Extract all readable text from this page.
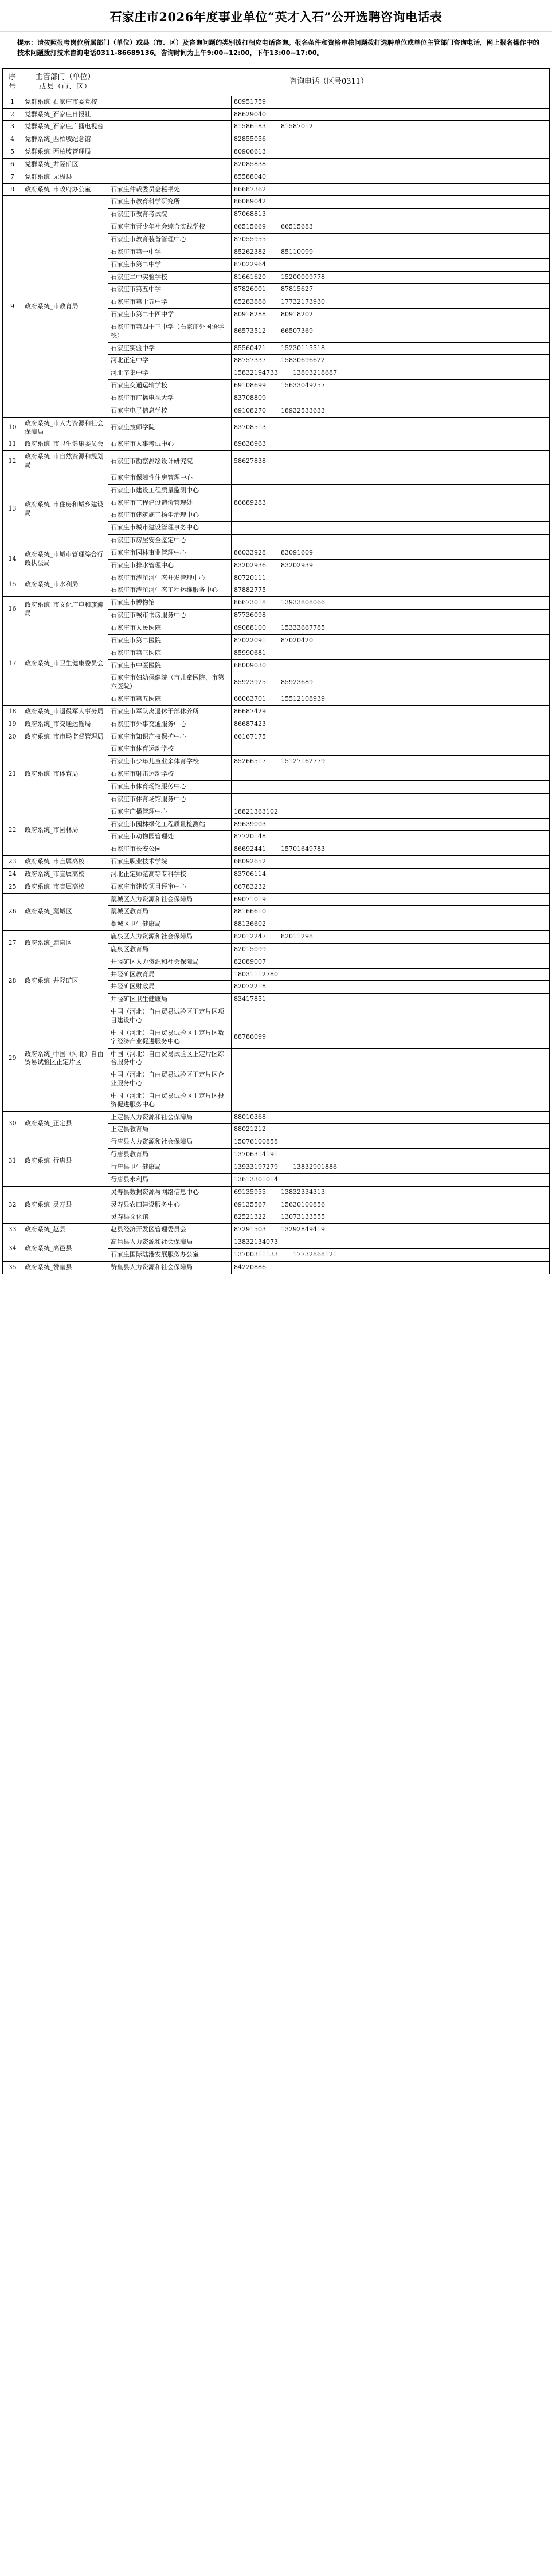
石家庄市2026年度事业单位“英才入石”公开选聘咨询电话表

提示：请按照报考岗位所属部门（单位）或县（市、区）及咨询问题的类别拨打相应电话咨询。报名条件和资格审核问题拨打选聘单位或单位主管部门咨询电话，网上报名操作中的技术问题拨打技术咨询电话0311-86689136。咨询时间为上午9:00--12:00，下午13:00--17:00。

序号	主管部门（单位）
或县（市、区）	咨询电话（区号0311）	
1	党群系统_石家庄市委党校		80951759
2	党群系统_石家庄日报社		88629040
3	党群系统_石家庄广播电视台		81586183 81587012
4	党群系统_西柏坡纪念馆		82855056
5	党群系统_西柏坡管理局		80906613
6	党群系统_井陉矿区		82085838
7	党群系统_无极县		85588040
8	政府系统_市政府办公室	石家庄仲裁委员会秘书处	86687362
9	政府系统_市教育局	石家庄市教育科学研究所	86089042
		石家庄市教育考试院	87068813
		石家庄市青少年社会综合实践学校	66515669 66515683
		石家庄市教育装备管理中心	87055955
		石家庄市第一中学	85262382 85110099
		石家庄市第二中学	87022964
		石家庄二中实验学校	81661620 15200009778
		石家庄市第五中学	87826001 87815627
		石家庄市第十五中学	85283886 17732173930
		石家庄市第二十四中学	80918288 80918202
		石家庄市第四十三中学（石家庄外国语学校）	86573512 66507369
		石家庄实验中学	85560421 15230115518
		河北正定中学	88757337 15830696622
		河北辛集中学	15832194733 13803218687
		石家庄交通运输学校	69108699 15633049257
		石家庄市广播电视大学	83708809
		石家庄电子信息学校	69108270 18932533633
10	政府系统_市人力资源和社会保障局	石家庄技师学院	83708513
11	政府系统_市卫生健康委员会	石家庄市人事考试中心	89636963
12	政府系统_市自然资源和规划局	石家庄市勘察测绘设计研究院	58627838
13	政府系统_市住房和城乡建设局	石家庄市保障性住房管理中心	
		石家庄市建设工程质量监测中心	
		石家庄市工程建设造价管理处	86689283
		石家庄市建筑施工扬尘治理中心	
		石家庄市城市建设管理事务中心	
		石家庄市房屋安全鉴定中心	
14	政府系统_市城市管理综合行政执法局	石家庄市园林事业管理中心	86033928 83091609
		石家庄市排水管理中心	83202936 83202939
15	政府系统_市水利局	石家庄市滹沱河生态开发管理中心	80720111
		石家庄市滹沱河生态工程运维服务中心	87882775
16	政府系统_市文化广电和旅游局	石家庄市博物馆	86673018 13933808066
		石家庄市城市书房服务中心	87736098
17	政府系统_市卫生健康委员会	石家庄市人民医院	69088100 15333667785
		石家庄市第二医院	87022091 87020420
		石家庄市第三医院	85990681
		石家庄市中医医院	68009030
		石家庄市妇幼保健院（市儿童医院、市第六医院）	85923925 85923689
		石家庄市第五医院	66063701 15512108939
18	政府系统_市退役军人事务局	石家庄市军队离退休干部休养所	86687429
19	政府系统_市交通运输局	石家庄市外事交通服务中心	86687423
20	政府系统_市市场监督管理局	石家庄市知识产权保护中心	66167175
21	政府系统_市体育局	石家庄市体育运动学校	
		石家庄市少年儿童业余体育学校	85266517 15127162779
		石家庄市射击运动学校	
		石家庄市体育场馆服务中心	
		石家庄市体育场馆服务中心	
22	政府系统_市园林局	石家庄广播管理中心	18821363102
		石家庄市园林绿化工程质量检测站	89639003
		石家庄市动物园管理处	87720148
		石家庄市长安公园	86692441 15701649783
23	政府系统_市直属高校	石家庄职业技术学院	68092652
24	政府系统_市直属高校	河北正定师范高等专科学校	83706114
25	政府系统_市直属高校	石家庄市建设项目评审中心	66783232
26	政府系统_藁城区	藁城区人力资源和社会保障局	69071019
		藁城区教育局	88166610
		藁城区卫生健康局	88136602
27	政府系统_鹿泉区	鹿泉区人力资源和社会保障局	82012247 82011298
		鹿泉区教育局	82015099
28	政府系统_井陉矿区	井陉矿区人力资源和社会保障局	82089007
		井陉矿区教育局	18031112780
		井陉矿区财政局	82072218
		井陉矿区卫生健康局	83417851
29	政府系统_中国（河北）自由贸易试验区正定片区	中国（河北）自由贸易试验区正定片区项目建设中心	
		中国（河北）自由贸易试验区正定片区数字经济产业促进服务中心	88786099
		中国（河北）自由贸易试验区正定片区综合服务中心	
		中国（河北）自由贸易试验区正定片区企业服务中心	
		中国（河北）自由贸易试验区正定片区投资促进服务中心	
30	政府系统_正定县	正定县人力资源和社会保障局	88010368
		正定县教育局	88021212
31	政府系统_行唐县	行唐县人力资源和社会保障局	15076100858
		行唐县教育局	13706314191
		行唐县卫生健康局	13933197279 13832901886
		行唐县水利局	13613301014
32	政府系统_灵寿县	灵寿县数据资源与网络信息中心	69135955 13832334313
		灵寿县农田建设服务中心	69135567 15630100856
		灵寿县文化馆	82521322 13073133555
33	政府系统_赵县	赵县经济开发区管理委员会	87291503 13292849419
34	政府系统_高邑县	高邑县人力资源和社会保障局	13832134073
		石家庄国际陆港发展服务办公室	13700311133 17732868121
35	政府系统_赞皇县	赞皇县人力资源和社会保障局	84220886
